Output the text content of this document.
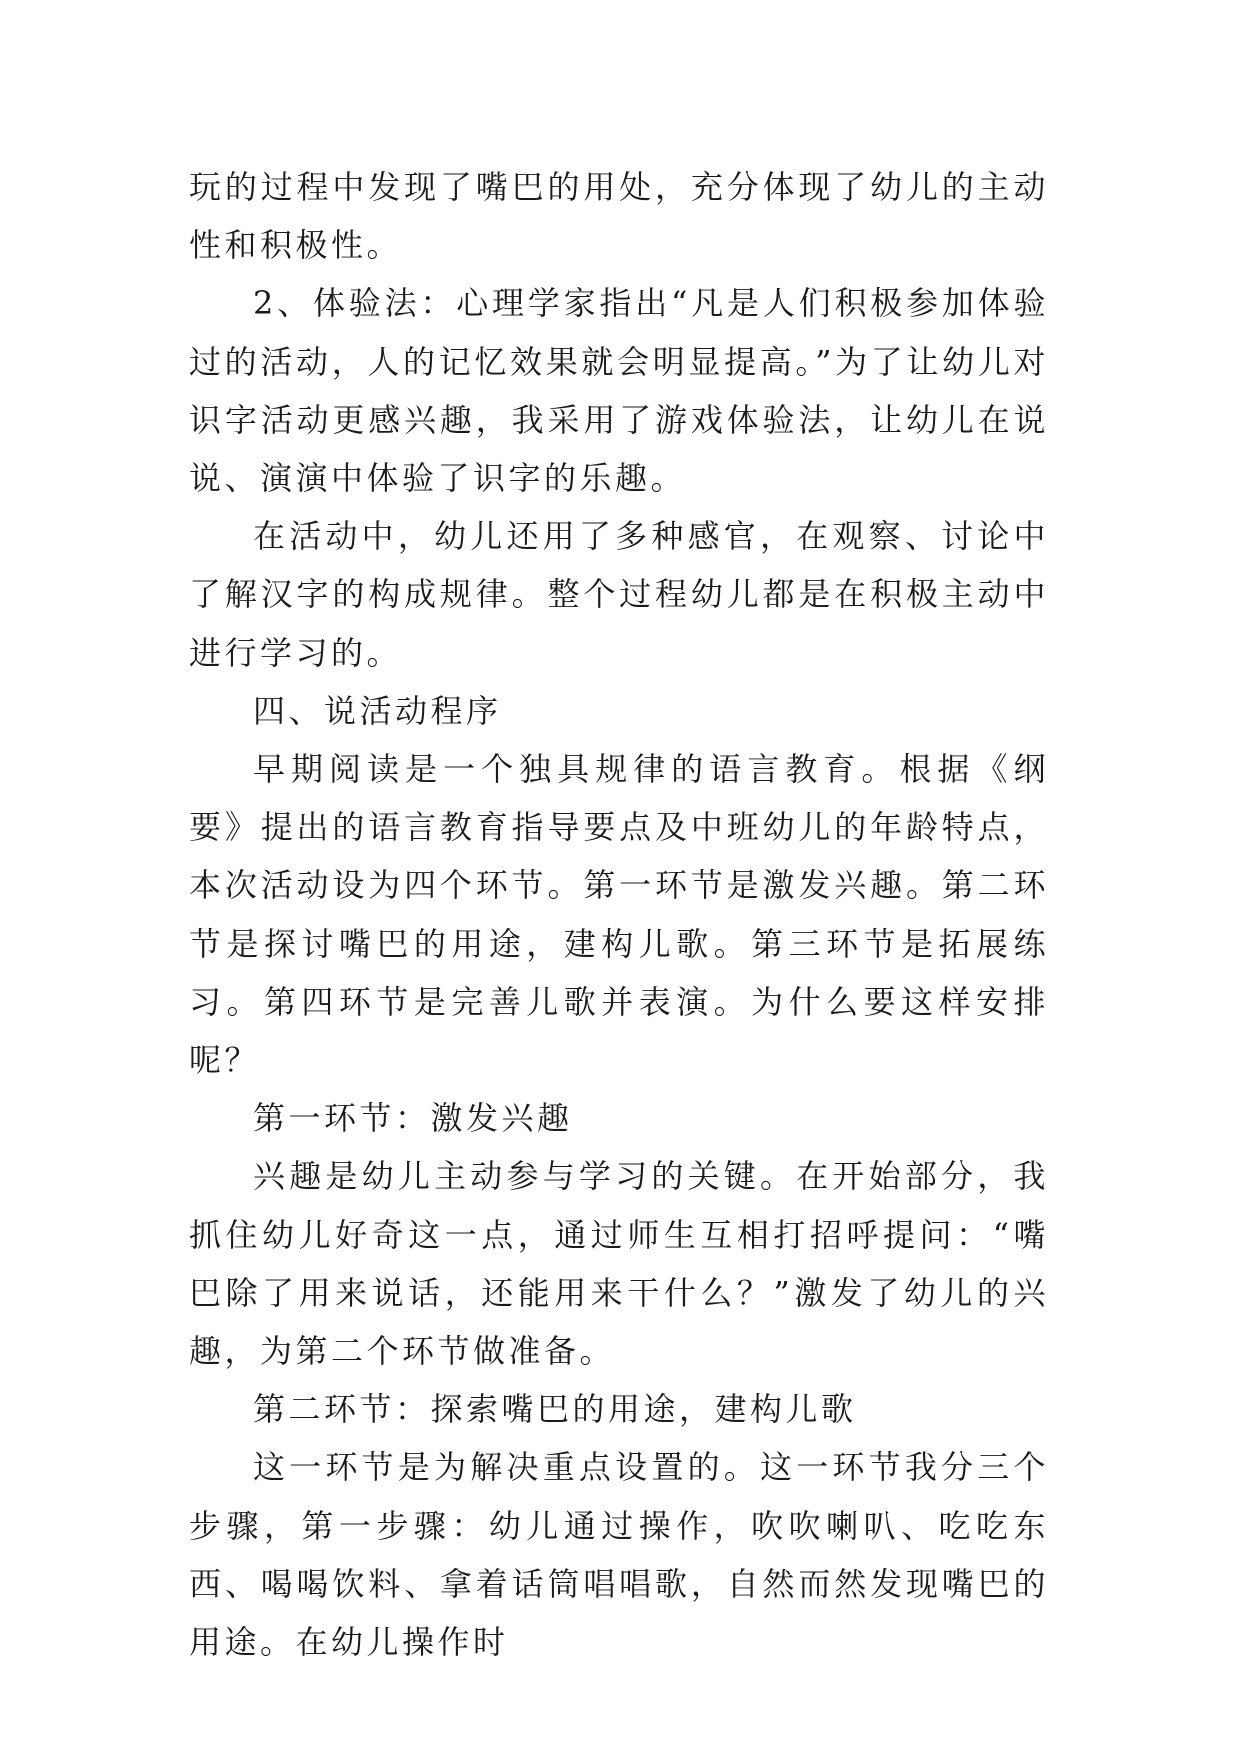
玩的过程中发现了嘴巴的用处，充分体现了幼儿的主动性和积极性。

2、体验法：心理学家指出“凡是人们积极参加体验过的活动，人的记忆效果就会明显提高。”为了让幼儿对识字活动更感兴趣，我采用了游戏体验法，让幼儿在说说、演演中体验了识字的乐趣。

在活动中，幼儿还用了多种感官，在观察、讨论中了解汉字的构成规律。整个过程幼儿都是在积极主动中进行学习的。

四、说活动程序

早期阅读是一个独具规律的语言教育。根据《纲要》提出的语言教育指导要点及中班幼儿的年龄特点，本次活动设为四个环节。第一环节是激发兴趣。第二环节是探讨嘴巴的用途，建构儿歌。第三环节是拓展练习。第四环节是完善儿歌并表演。为什么要这样安排呢？

第一环节：激发兴趣

兴趣是幼儿主动参与学习的关键。在开始部分，我抓住幼儿好奇这一点，通过师生互相打招呼提问：“嘴巴除了用来说话，还能用来干什么？”激发了幼儿的兴趣，为第二个环节做准备。

第二环节：探索嘴巴的用途，建构儿歌

这一环节是为解决重点设置的。这一环节我分三个步骤，第一步骤：幼儿通过操作，吹吹喇叭、吃吃东西、喝喝饮料、拿着话筒唱唱歌，自然而然发现嘴巴的用途。在幼儿操作时
